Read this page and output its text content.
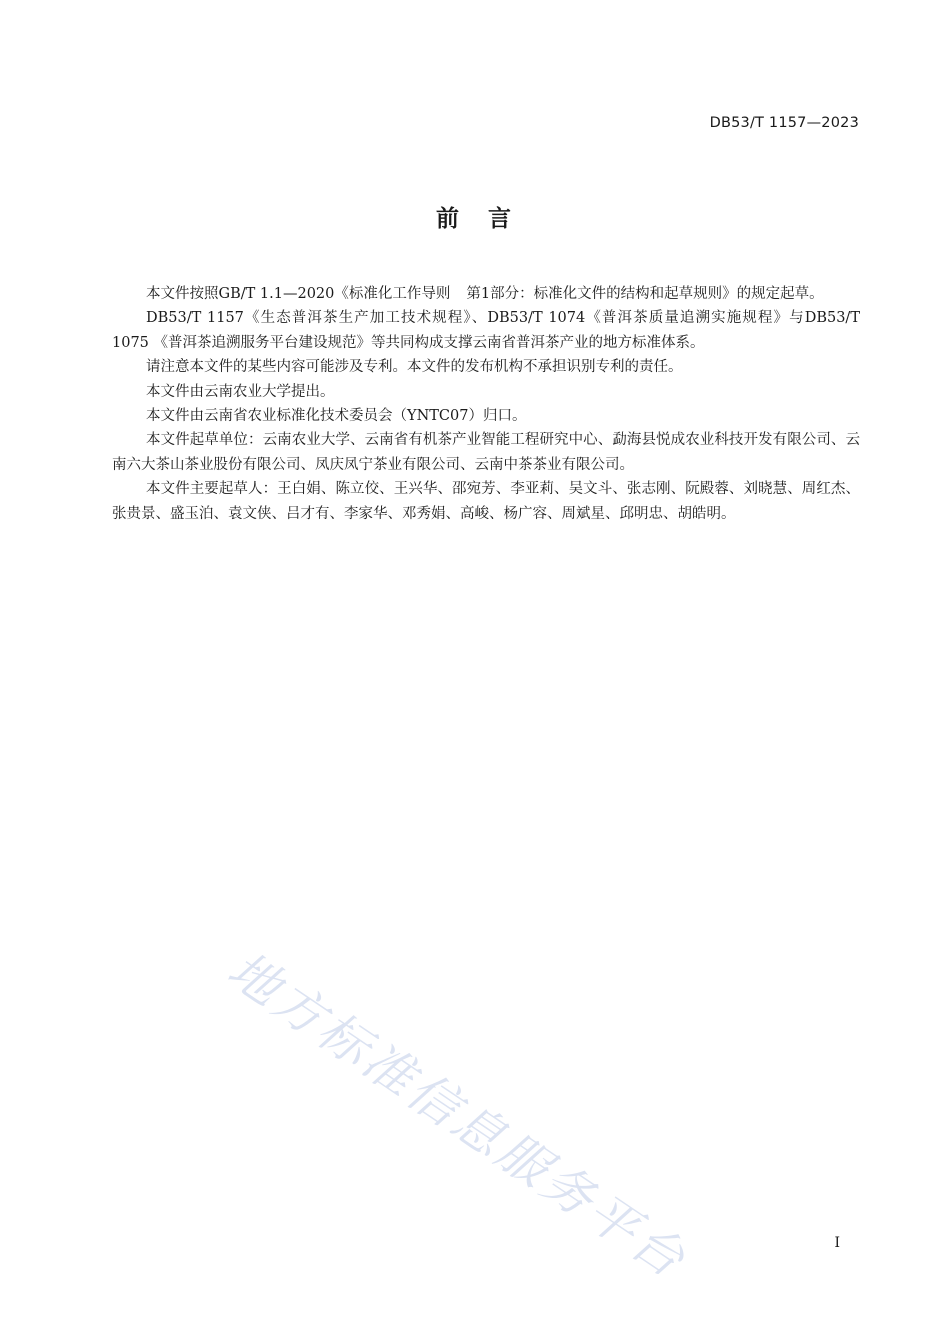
DB53/T 1157—2023
前 言

本文件按照GB/T 1.1—2020《标准化工作导则 第1部分：标准化文件的结构和起草规则》的规定起草。

DB53/T 1157《生态普洱茶生产加工技术规程》、DB53/T 1074《普洱茶质量追溯实施规程》与DB53/T 1075 《普洱茶追溯服务平台建设规范》等共同构成支撑云南省普洱茶产业的地方标准体系。

请注意本文件的某些内容可能涉及专利。本文件的发布机构不承担识别专利的责任。

本文件由云南农业大学提出。

本文件由云南省农业标准化技术委员会（YNTC07）归口。

本文件起草单位：云南农业大学、云南省有机茶产业智能工程研究中心、勐海县悦成农业科技开发有限公司、云南六大茶山茶业股份有限公司、凤庆凤宁茶业有限公司、云南中茶茶业有限公司。

本文件主要起草人：王白娟、陈立佼、王兴华、邵宛芳、李亚莉、吴文斗、张志刚、阮殿蓉、刘晓慧、周红杰、张贵景、盛玉泊、袁文侠、吕才有、李家华、邓秀娟、高峻、杨广容、周斌星、邱明忠、胡皓明。

地方标准信息服务平台	I
